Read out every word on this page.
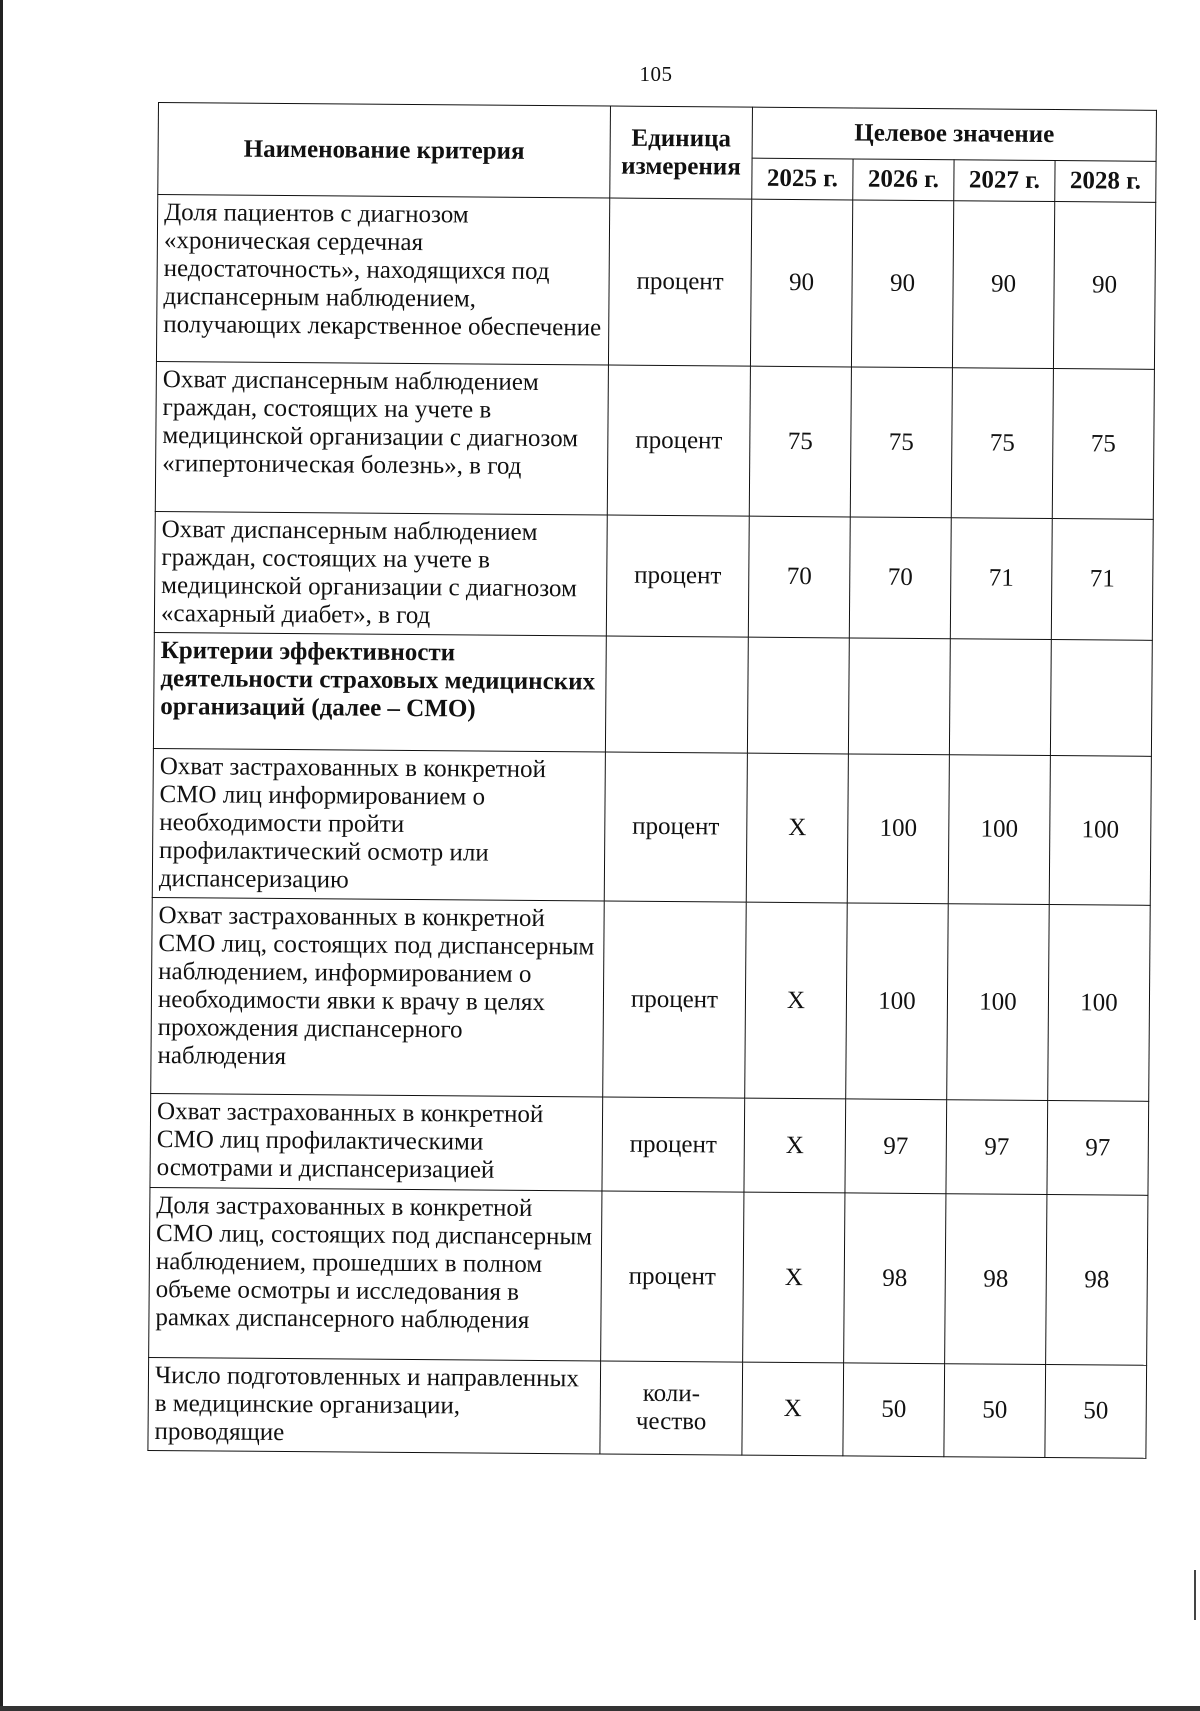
105
Наименование критерия	Единица измерения	Целевое значение			
		2025 г.	2026 г.	2027 г.	2028 г.
Доля пациентов с диагнозом «хроническая сердечная недостаточность», находящихся под диспансерным наблюдением, получающих лекарственное обеспечение	процент	90	90	90	90
Охват диспансерным наблюдением граждан, состоящих на учете в медицинской организации с диагнозом «гипертоническая болезнь», в год	процент	75	75	75	75
Охват диспансерным наблюдением граждан, состоящих на учете в медицинской организации с диагнозом «сахарный диабет», в год	процент	70	70	71	71
Критерии эффективности деятельности страховых медицинских организаций (далее – СМО)					
Охват застрахованных в конкретной СМО лиц информированием о необходимости пройти профилактический осмотр или диспансеризацию	процент	X	100	100	100
Охват застрахованных в конкретной СМО лиц, состоящих под диспансерным наблюдением, информированием о необходимости явки к врачу в целях прохождения диспансерного наблюдения	процент	X	100	100	100
Охват застрахованных в конкретной СМО лиц профилактическими осмотрами и диспансеризацией	процент	X	97	97	97
Доля застрахованных в конкретной СМО лиц, состоящих под диспансерным наблюдением, прошедших в полном объеме осмотры и исследования в рамках диспансерного наблюдения	процент	X	98	98	98
Число подготовленных и направленных в медицинские организации, проводящие	коли-чество	X	50	50	50
